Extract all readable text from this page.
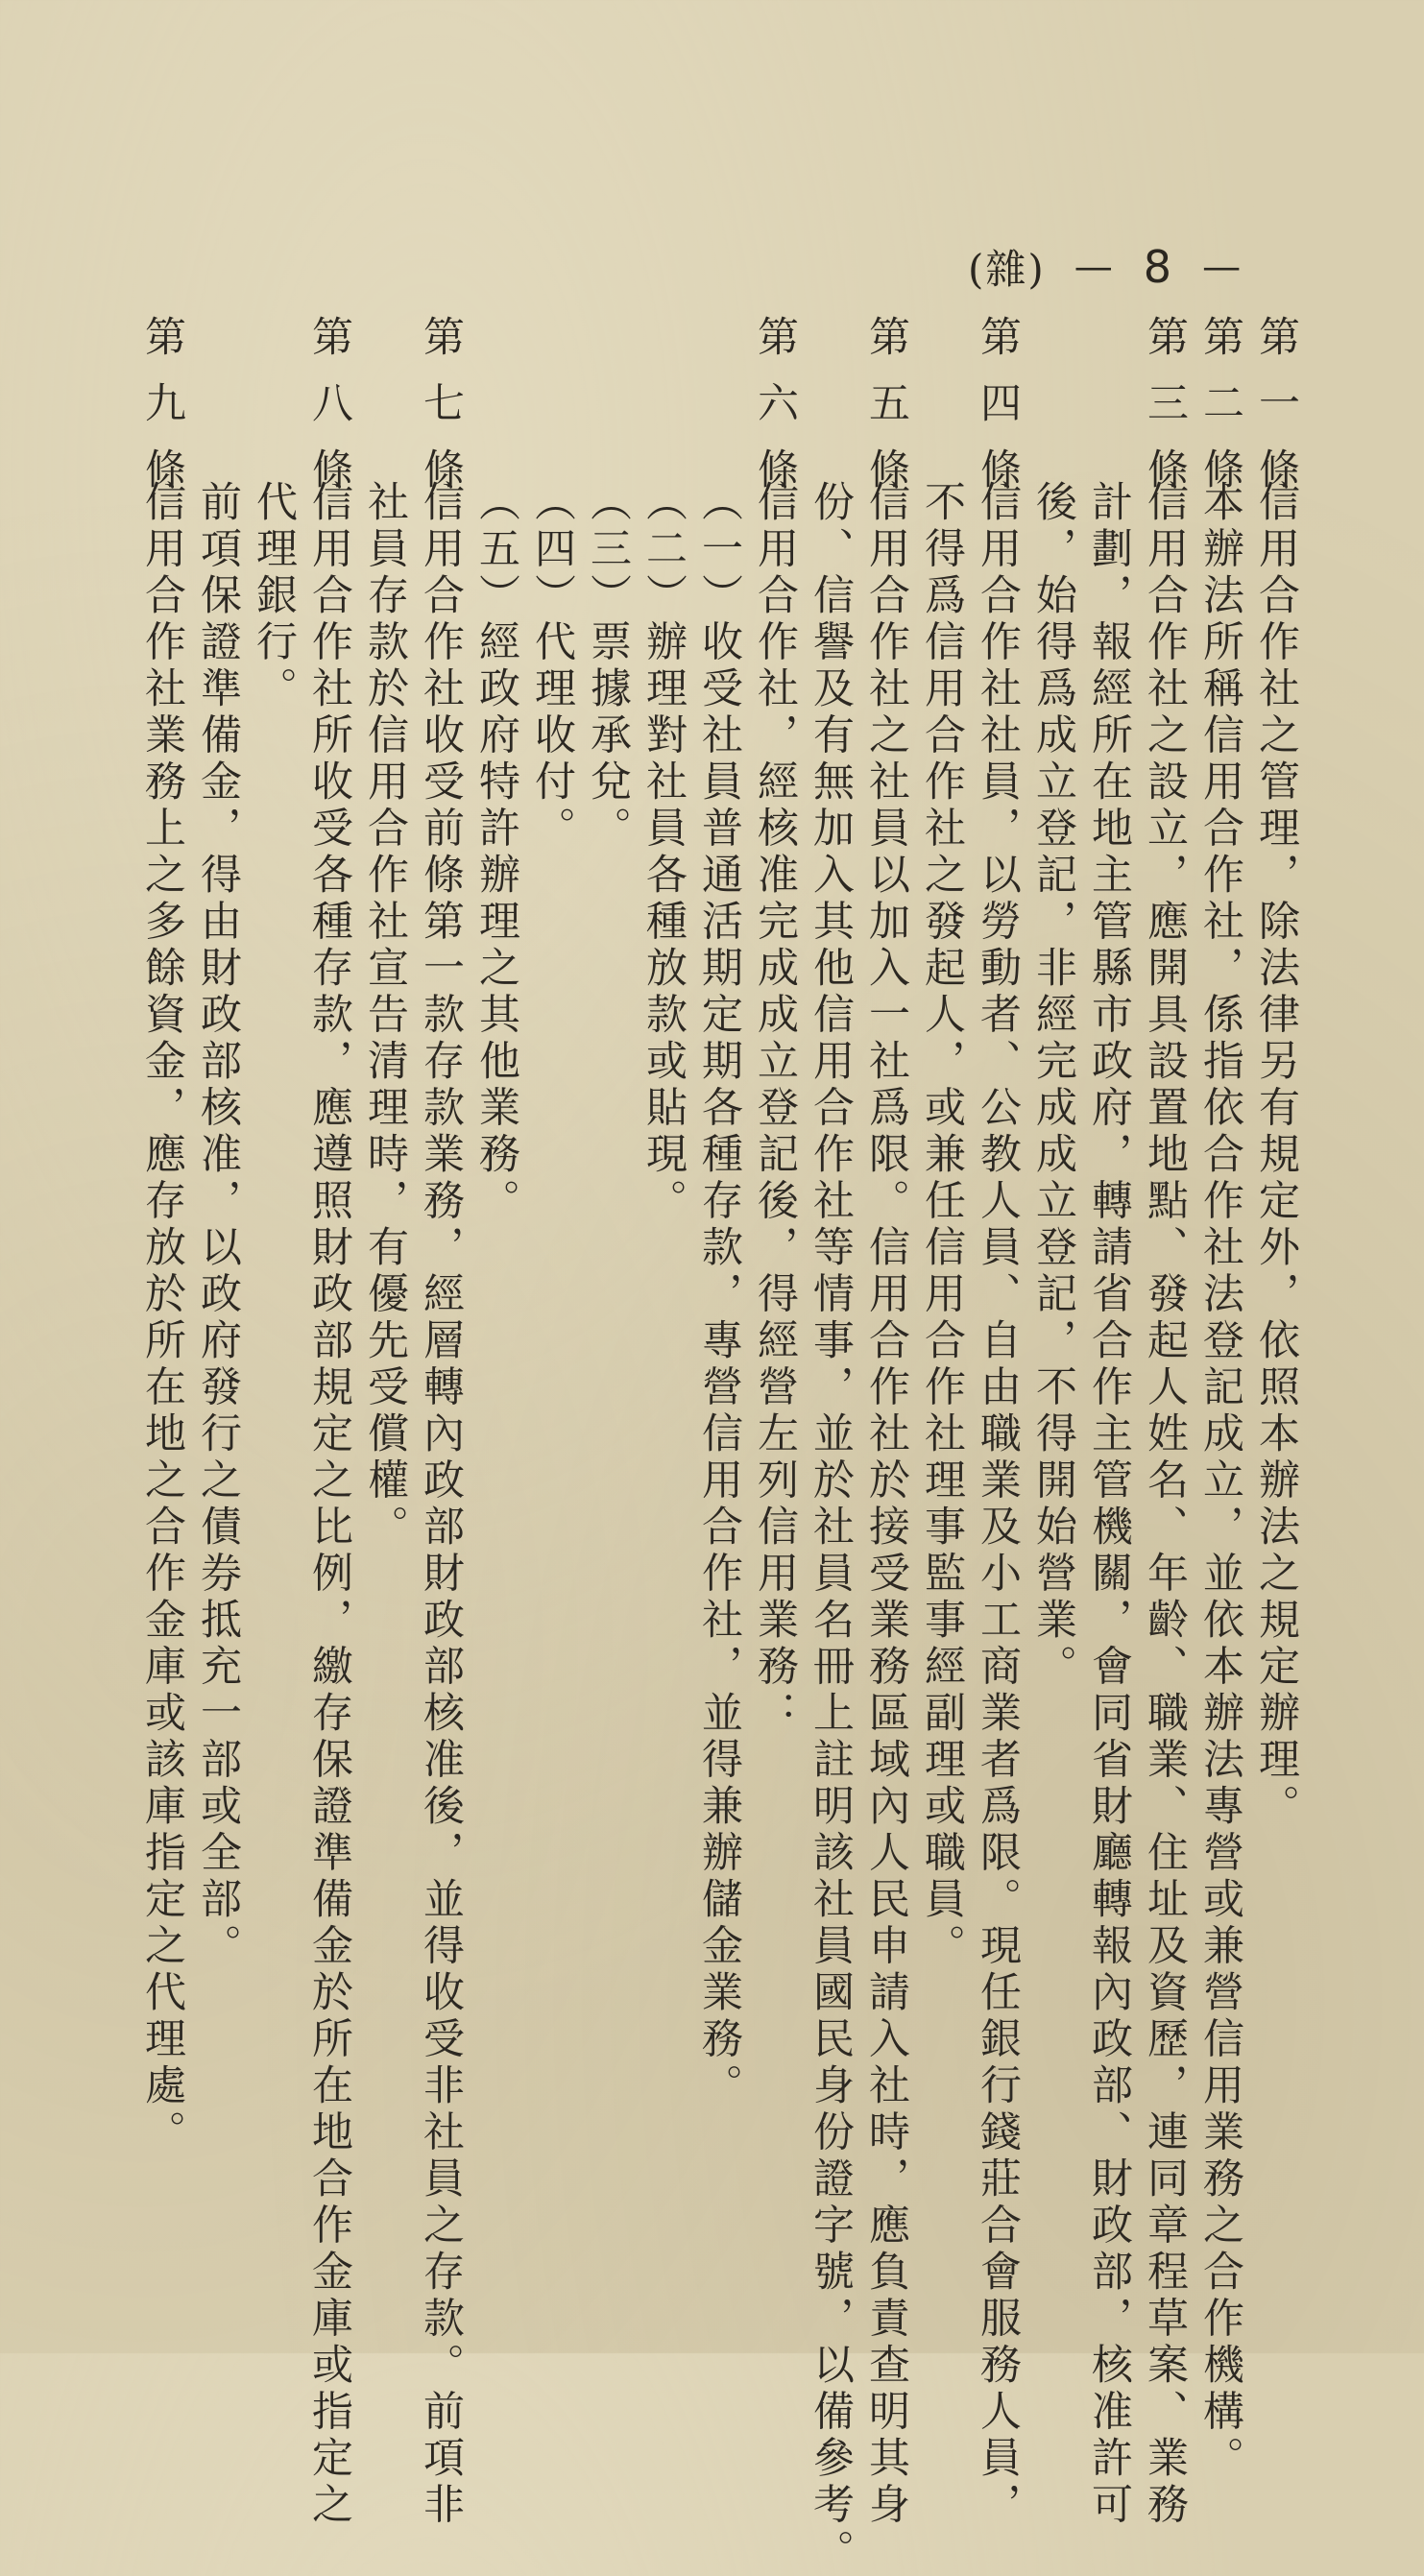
(雜) — 8 —
第一條
信用合作社之管理，除法律另有規定外，依照本辦法之規定辦理。
第二條
本辦法所稱信用合作社，係指依合作社法登記成立，並依本辦法專營或兼營信用業務之合作機構。
第三條
信用合作社之設立，應開具設置地點、發起人姓名、年齡、職業、住址及資歷，連同章程草案、業務
計劃，報經所在地主管縣市政府，轉請省合作主管機關，會同省財廳轉報內政部、財政部，核准許可
後，始得爲成立登記，非經完成成立登記，不得開始營業。
第四條
信用合作社社員，以勞動者、公教人員、自由職業及小工商業者爲限。現任銀行錢莊合會服務人員，
不得爲信用合作社之發起人，或兼任信用合作社理事監事經副理或職員。
第五條
信用合作社之社員以加入一社爲限。信用合作社於接受業務區域內人民申請入社時，應負責查明其身
份、信譽及有無加入其他信用合作社等情事，並於社員名冊上註明該社員國民身份證字號，以備參考。
第六條
信用合作社，經核准完成成立登記後，得經營左列信用業務：
（一）收受社員普通活期定期各種存款，專營信用合作社，並得兼辦儲金業務。
（二）辦理對社員各種放款或貼現。
（三）票據承兌。
（四）代理收付。
（五）經政府特許辦理之其他業務。
第七條
信用合作社收受前條第一款存款業務，經層轉內政部財政部核准後，並得收受非社員之存款。前項非
社員存款於信用合作社宣告清理時，有優先受償權。
第八條
信用合作社所收受各種存款，應遵照財政部規定之比例，繳存保證準備金於所在地合作金庫或指定之
代理銀行。
前項保證準備金，得由財政部核准，以政府發行之債券抵充一部或全部。
第九條
信用合作社業務上之多餘資金，應存放於所在地之合作金庫或該庫指定之代理處。
